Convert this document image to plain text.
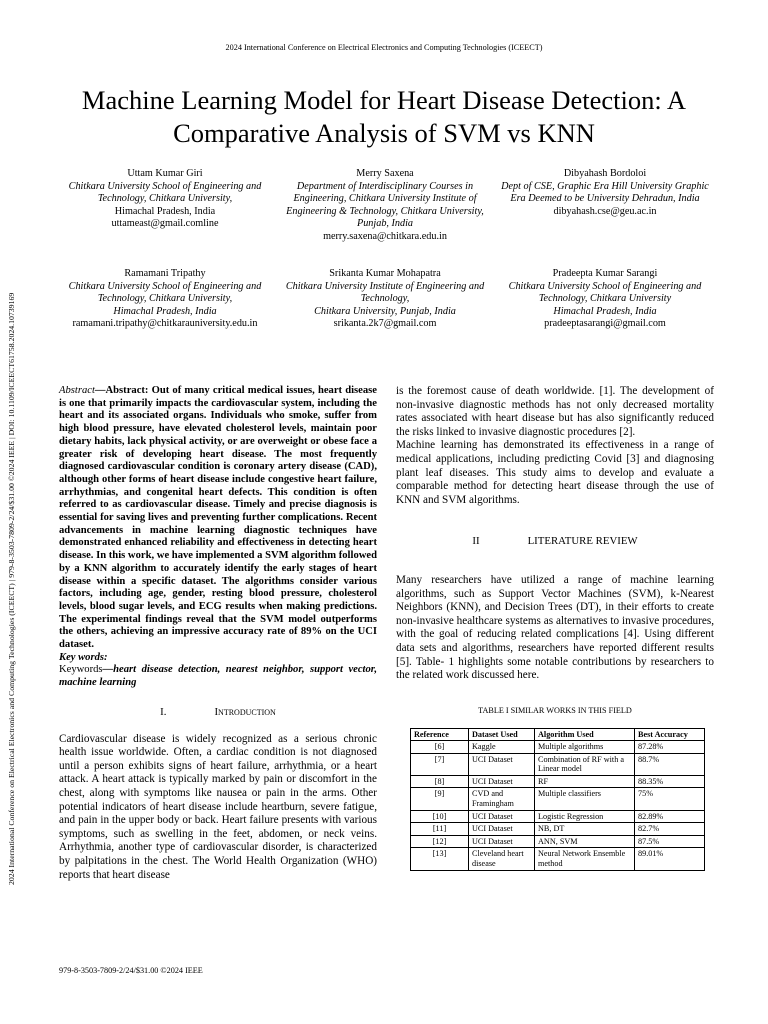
2024 International Conference on Electrical Electronics and Computing Technologies (ICEECT)
2024 International Conference on Electrical Electronics and Computing Technologies (ICEECT) | 979-8-3503-7809-2/24/$31.00 ©2024 IEEE | DOI: 10.1109/ICEECT61758.2024.10739169
Machine Learning Model for Heart Disease Detection: A Comparative Analysis of SVM vs KNN
Uttam Kumar Giri
Chitkara University School of Engineering and Technology, Chitkara University,
Himachal Pradesh, India
uttameast@gmail.comline
Merry Saxena
Department of Interdisciplinary Courses in Engineering, Chitkara University Institute of Engineering & Technology, Chitkara University, Punjab, India
merry.saxena@chitkara.edu.in
Dibyahash Bordoloi
Dept of CSE, Graphic Era Hill University Graphic Era Deemed to be University Dehradun, India
dibyahash.cse@geu.ac.in
Ramamani Tripathy
Chitkara University School of Engineering and Technology, Chitkara University,
Himachal Pradesh, India
ramamani.tripathy@chitkarauniversity.edu.in
Srikanta Kumar Mohapatra
Chitkara University Institute of Engineering and Technology,
Chitkara University, Punjab, India
srikanta.2k7@gmail.com
Pradeepta Kumar Sarangi
Chitkara University School of Engineering and Technology, Chitkara University
Himachal Pradesh, India
pradeeptasarangi@gmail.com

Abstract—Abstract: Out of many critical medical issues, heart disease is one that primarily impacts the cardiovascular system, including the heart and its associated organs. Individuals who smoke, suffer from high blood pressure, have elevated cholesterol levels, maintain poor dietary habits, lack physical activity, or are overweight or obese face a greater risk of developing heart disease. The most frequently diagnosed cardiovascular condition is coronary artery disease (CAD), although other forms of heart disease include congestive heart failure, arrhythmias, and congenital heart defects. This condition is often referred to as cardiovascular disease. Timely and precise diagnosis is essential for saving lives and preventing further complications. Recent advancements in machine learning diagnostic techniques have demonstrated enhanced reliability and effectiveness in detecting heart disease. In this work, we have implemented a SVM algorithm followed by a KNN algorithm to accurately identify the early stages of heart disease within a specific dataset. The algorithms consider various factors, including age, gender, resting blood pressure, cholesterol levels, blood sugar levels, and ECG results when making predictions. The experimental findings reveal that the SVM model outperforms the others, achieving an impressive accuracy rate of 89% on the UCI dataset.

Key words:

Keywords—heart disease detection, nearest neighbor, support vector, machine learning

I.	Introduction

Cardiovascular disease is widely recognized as a serious chronic health issue worldwide. Often, a cardiac condition is not diagnosed until a person exhibits signs of heart failure, arrhythmia, or a heart attack. A heart attack is typically marked by pain or discomfort in the chest, along with symptoms like nausea or pain in the arms. Other potential indicators of heart disease include heartburn, severe fatigue, and pain in the upper body or back. Heart failure presents with various symptoms, such as swelling in the feet, abdomen, or neck veins. Arrhythmia, another type of cardiovascular disorder, is characterized by palpitations in the chest. The World Health Organization (WHO) reports that heart disease

is the foremost cause of death worldwide. [1]. The development of non-invasive diagnostic methods has not only decreased mortality rates associated with heart disease but has also significantly reduced the risks linked to invasive diagnostic procedures [2].

Machine learning has demonstrated its effectiveness in a range of medical applications, including predicting Covid [3] and diagnosing plant leaf diseases. This study aims to develop and evaluate a comparable method for detecting heart disease through the use of KNN and SVM algorithms.

II	LITERATURE REVIEW

Many researchers have utilized a range of machine learning algorithms, such as Support Vector Machines (SVM), k-Nearest Neighbors (KNN), and Decision Trees (DT), in their efforts to create non-invasive healthcare systems as alternatives to invasive procedures, with the goal of reducing related complications [4]. Using different data sets and algorithms, researchers have reported different results [5]. Table- 1 highlights some notable contributions by researchers to the related work discussed here.

TABLE I SIMILAR WORKS IN THIS FIELD
Reference	Dataset Used	Algorithm Used	Best Accuracy
[6]	Kaggle	Multiple algorithms	87.28%
[7]	UCI Dataset	Combination of RF with a Linear model	88.7%
[8]	UCI Dataset	RF	88.35%
[9]	CVD and Framingham	Multiple classifiers	75%
[10]	UCI Dataset	Logistic Regression	82.89%
[11]	UCI Dataset	NB, DT	82.7%
[12]	UCI Dataset	ANN, SVM	87.5%
[13]	Cleveland heart disease	Neural Network Ensemble method	89.01%
979-8-3503-7809-2/24/$31.00 ©2024 IEEE
